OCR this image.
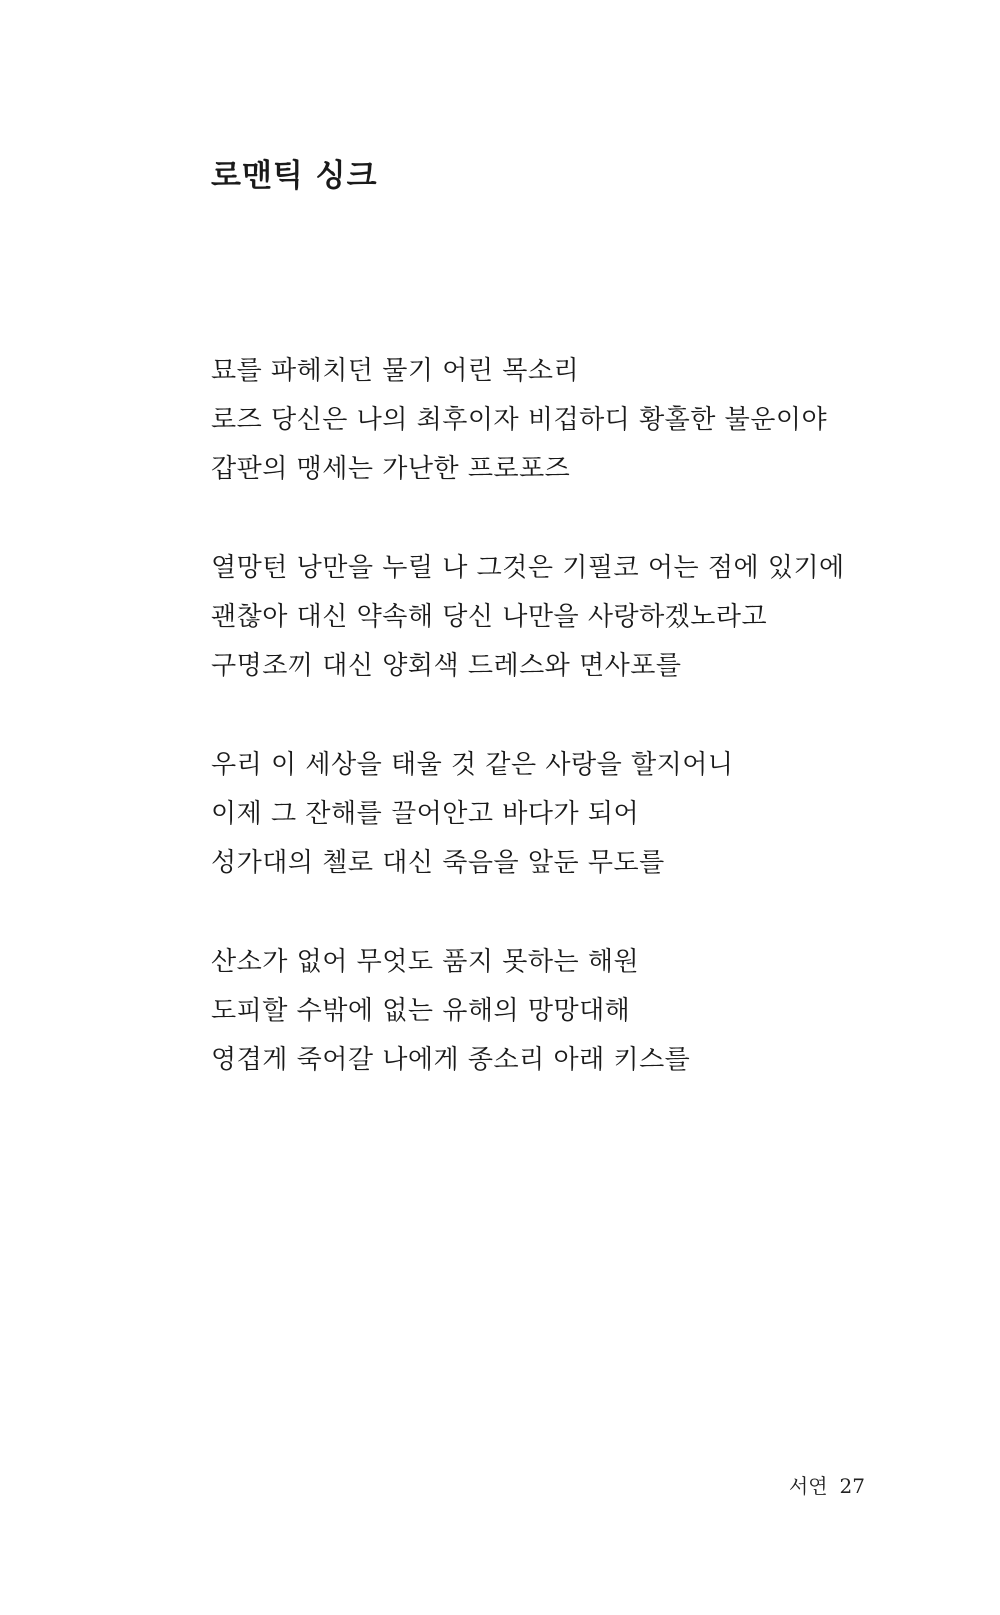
로맨틱 싱크
묘를 파헤치던 물기 어린 목소리
로즈 당신은 나의 최후이자 비겁하디 황홀한 불운이야
갑판의 맹세는 가난한 프로포즈
열망턴 낭만을 누릴 나 그것은 기필코 어는 점에 있기에
괜찮아 대신 약속해 당신 나만을 사랑하겠노라고
구명조끼 대신 양회색 드레스와 면사포를
우리 이 세상을 태울 것 같은 사랑을 할지어니
이제 그 잔해를 끌어안고 바다가 되어
성가대의 첼로 대신 죽음을 앞둔 무도를
산소가 없어 무엇도 품지 못하는 해원
도피할 수밖에 없는 유해의 망망대해
영겹게 죽어갈 나에게 종소리 아래 키스를
서연 27
